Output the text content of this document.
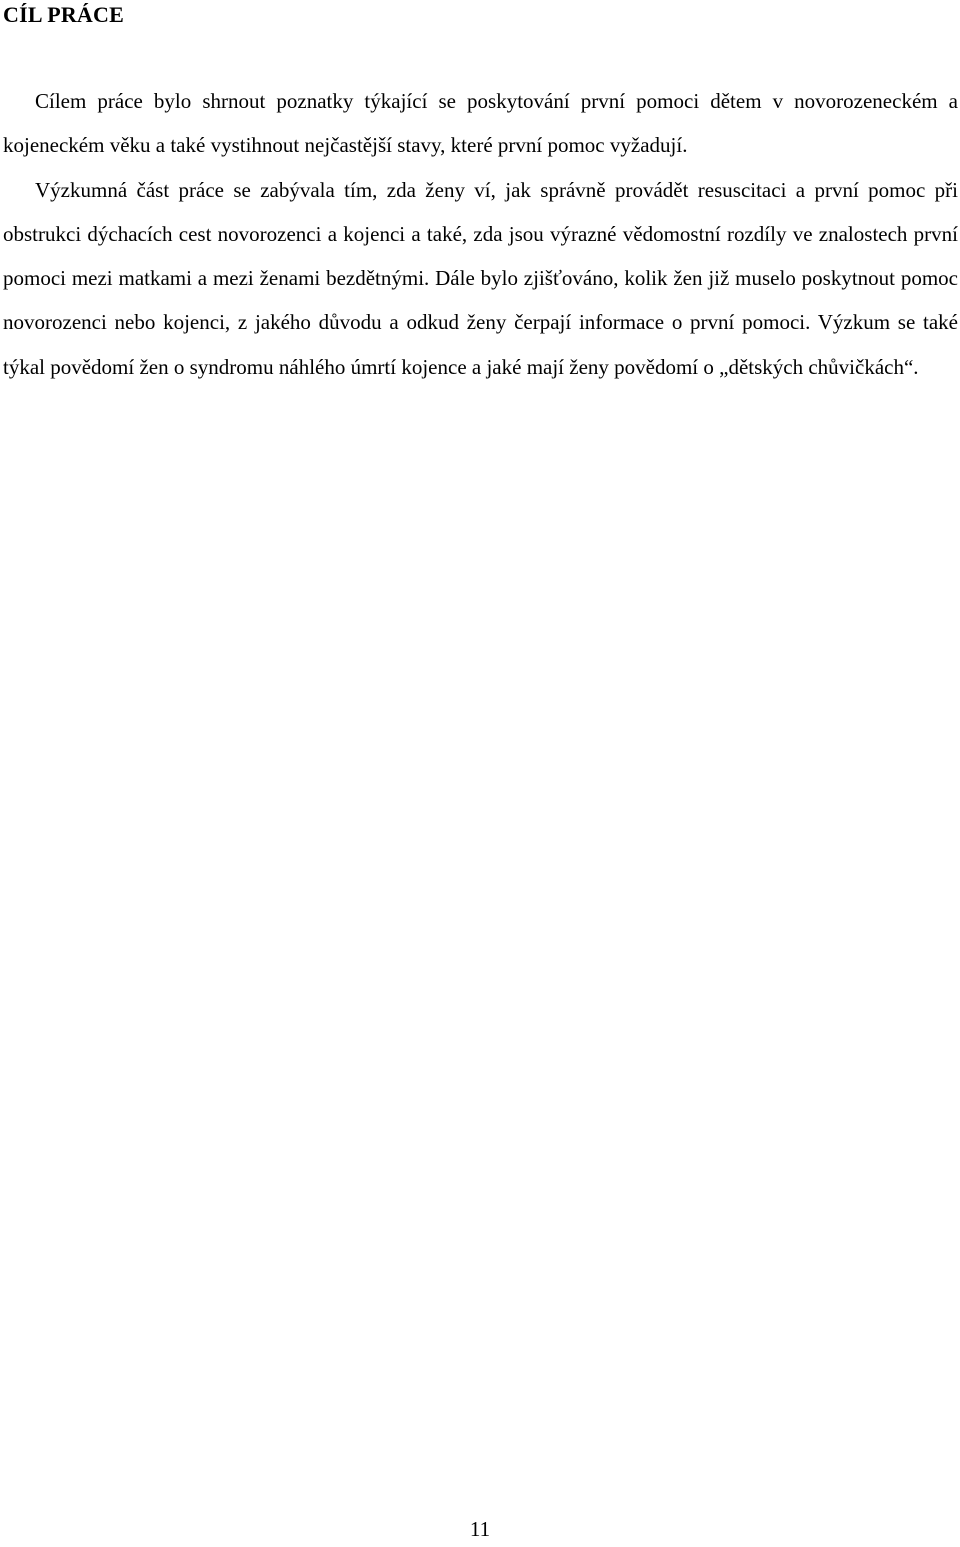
CÍL PRÁCE

Cílem práce bylo shrnout poznatky týkající se poskytování první pomoci dětem v novorozeneckém a kojeneckém věku a také vystihnout nejčastější stavy, které první pomoc vyžadují.

Výzkumná část práce se zabývala tím, zda ženy ví, jak správně provádět resuscitaci a první pomoc při obstrukci dýchacích cest novorozenci a kojenci a také, zda jsou výrazné vědomostní rozdíly ve znalostech první pomoci mezi matkami a mezi ženami bezdětnými. Dále bylo zjišťováno, kolik žen již muselo poskytnout pomoc novorozenci nebo kojenci, z jakého důvodu a odkud ženy čerpají informace o první pomoci. Výzkum se také týkal povědomí žen o syndromu náhlého úmrtí kojence a jaké mají ženy povědomí o „dětských chůvičkách“.

11
